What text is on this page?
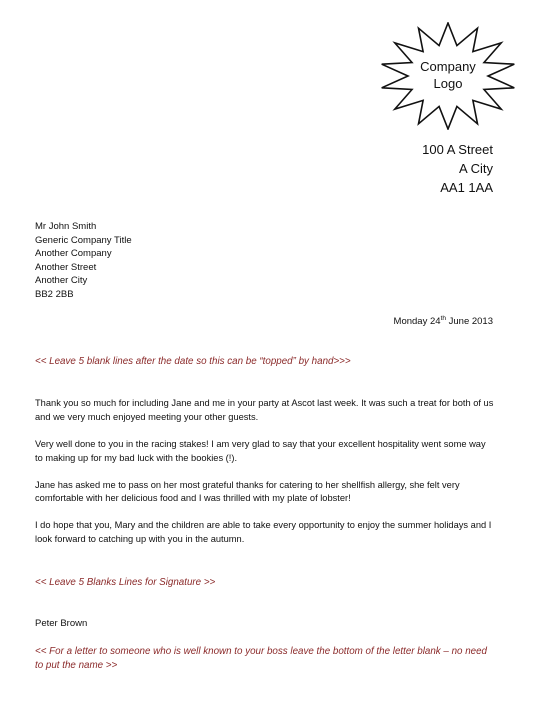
Company
Logo
100 A Street
A City
AA1 1AA
Mr John Smith
Generic Company Title
Another Company
Another Street
Another City
BB2 2BB
Monday 24th June 2013
<< Leave 5 blank lines after the date so this can be “topped” by hand>>>

Thank you so much for including Jane and me in your party at Ascot last week. It was such a treat for both of us and we very much enjoyed meeting your other guests.

Very well done to you in the racing stakes! I am very glad to say that your excellent hospitality went some way to making up for my bad luck with the bookies (!).

Jane has asked me to pass on her most grateful thanks for catering to her shellfish allergy, she felt very comfortable with her delicious food and I was thrilled with my plate of lobster!

I do hope that you, Mary and the children are able to take every opportunity to enjoy the summer holidays and I look forward to catching up with you in the autumn.

<< Leave 5 Blanks Lines for Signature >>
Peter Brown
<< For a letter to someone who is well known to your boss leave the bottom of the letter blank – no need to put the name >>
